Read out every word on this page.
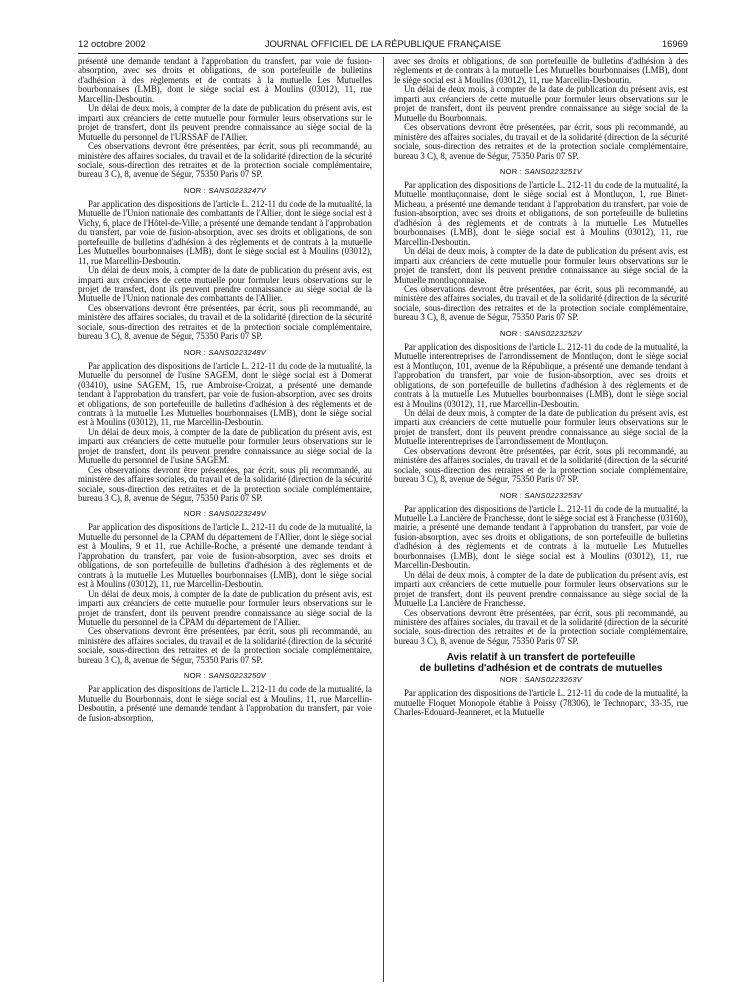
12 octobre 2002	JOURNAL OFFICIEL DE LA RÉPUBLIQUE FRANÇAISE	16969

présenté une demande tendant à l'approbation du transfert, par voie de fusion-absorption, avec ses droits et obligations, de son portefeuille de bulletins d'adhésion à des règlements et de contrats à la mutuelle Les Mutuelles bourbonnaises (LMB), dont le siège social est à Moulins (03012), 11, rue Marcellin-Desboutin.

Un délai de deux mois, à compter de la date de publication du présent avis, est imparti aux créanciers de cette mutuelle pour formuler leurs observations sur le projet de transfert, dont ils peuvent prendre connaissance au siège social de la Mutuelle du personnel de l'URSSAF de l'Allier.

Ces observations devront être présentées, par écrit, sous pli recommandé, au ministère des affaires sociales, du travail et de la solidarité (direction de la sécurité sociale, sous-direction des retraites et de la protection sociale complémentaire, bureau 3 C), 8, avenue de Ségur, 75350 Paris 07 SP.

NOR : SANS0223247V

Par application des dispositions de l'article L. 212-11 du code de la mutualité, la Mutuelle de l'Union nationale des combattants de l'Allier, dont le siège social est à Vichy, 6, place de l'Hôtel-de-Ville, a présenté une demande tendant à l'approbation du transfert, par voie de fusion-absorption, avec ses droits et obligations, de son portefeuille de bulletins d'adhésion à des règlements et de contrats à la mutuelle Les Mutuelles bourbonnaises (LMB), dont le siège social est à Moulins (03012), 11, rue Marcellin-Desboutin.

Un délai de deux mois, à compter de la date de publication du présent avis, est imparti aux créanciers de cette mutuelle pour formuler leurs observations sur le projet de transfert, dont ils peuvent prendre connaissance au siège social de la Mutuelle de l'Union nationale des combattants de l'Allier.

Ces observations devront être présentées, par écrit, sous pli recommandé, au ministère des affaires sociales, du travail et de la solidarité (direction de la sécurité sociale, sous-direction des retraites et de la protection sociale complémentaire, bureau 3 C), 8, avenue de Ségur, 75350 Paris 07 SP.

NOR : SANS0223248V

Par application des dispositions de l'article L. 212-11 du code de la mutualité, la Mutuelle du personnel de l'usine SAGEM, dont le siège social est à Domerat (03410), usine SAGEM, 15, rue Ambroise-Croizat, a présenté une demande tendant à l'approbation du transfert, par voie de fusion-absorption, avec ses droits et obligations, de son portefeuille de bulletins d'adhésion à des règlements et de contrats à la mutuelle Les Mutuelles bourbonnaises (LMB), dont le siège social est à Moulins (03012), 11, rue Marcellin-Desboutin.

Un délai de deux mois, à compter de la date de publication du présent avis, est imparti aux créanciers de cette mutuelle pour formuler leurs observations sur le projet de transfert, dont ils peuvent prendre connaissance au siège social de la Mutuelle du personnel de l'usine SAGEM.

Ces observations devront être présentées, par écrit, sous pli recommandé, au ministère des affaires sociales, du travail et de la solidarité (direction de la sécurité sociale, sous-direction des retraites et de la protection sociale complémentaire, bureau 3 C), 8, avenue de Ségur, 75350 Paris 07 SP.

NOR : SANS0223249V

Par application des dispositions de l'article L. 212-11 du code de la mutualité, la Mutuelle du personnel de la CPAM du département de l'Allier, dont le siège social est à Moulins, 9 et 11, rue Achille-Roche, a présenté une demande tendant à l'approbation du transfert, par voie de fusion-absorption, avec ses droits et obligations, de son portefeuille de bulletins d'adhésion à des règlements et de contrats à la mutuelle Les Mutuelles bourbonnaises (LMB), dont le siège social est à Moulins (03012), 11, rue Marcellin-Desboutin.

Un délai de deux mois, à compter de la date de publication du présent avis, est imparti aux créanciers de cette mutuelle pour formuler leurs observations sur le projet de transfert, dont ils peuvent prendre connaissance au siège social de la Mutuelle du personnel de la CPAM du département de l'Allier.

Ces observations devront être présentées, par écrit, sous pli recommandé, au ministère des affaires sociales, du travail et de la solidarité (direction de la sécurité sociale, sous-direction des retraites et de la protection sociale complémentaire, bureau 3 C), 8, avenue de Ségur, 75350 Paris 07 SP.

NOR : SANS0223250V

Par application des dispositions de l'article L. 212-11 du code de la mutualité, la Mutuelle du Bourbonnais, dont le siège social est à Moulins, 11, rue Marcellin-Desboutin, a présenté une demande tendant à l'approbation du transfert, par voie de fusion-absorption,

avec ses droits et obligations, de son portefeuille de bulletins d'adhésion à des règlements et de contrats à la mutuelle Les Mutuelles bourbonnaises (LMB), dont le siège social est à Moulins (03012), 11, rue Marcellin-Desboutin.

Un délai de deux mois, à compter de la date de publication du présent avis, est imparti aux créanciers de cette mutuelle pour formuler leurs observations sur le projet de transfert, dont ils peuvent prendre connaissance au siège social de la Mutuelle du Bourbonnais.

Ces observations devront être présentées, par écrit, sous pli recommandé, au ministère des affaires sociales, du travail et de la solidarité (direction de la sécurité sociale, sous-direction des retraites et de la protection sociale complémentaire, bureau 3 C), 8, avenue de Ségur, 75350 Paris 07 SP.

NOR : SANS0223251V

Par application des dispositions de l'article L. 212-11 du code de la mutualité, la Mutuelle montluçonnaise, dont le siège social est à Montluçon, 1, rue Binet-Micheau, a présenté une demande tendant à l'approbation du transfert, par voie de fusion-absorption, avec ses droits et obligations, de son portefeuille de bulletins d'adhésion à des règlements et de contrats à la mutuelle Les Mutuelles bourbonnaises (LMB), dont le siège social est à Moulins (03012), 11, rue Marcellin-Desboutin.

Un délai de deux mois, à compter de la date de publication du présent avis, est imparti aux créanciers de cette mutuelle pour formuler leurs observations sur le projet de transfert, dont ils peuvent prendre connaissance au siège social de la Mutuelle montluçonnaise.

Ces observations devront être présentées, par écrit, sous pli recommandé, au ministère des affaires sociales, du travail et de la solidarité (direction de la sécurité sociale, sous-direction des retraites et de la protection sociale complémentaire, bureau 3 C), 8, avenue de Ségur, 75350 Paris 07 SP.

NOR : SANS0223252V

Par application des dispositions de l'article L. 212-11 du code de la mutualité, la Mutuelle interentreprises de l'arrondissement de Montluçon, dont le siège social est à Montluçon, 101, avenue de la République, a présenté une demande tendant à l'approbation du transfert, par voie de fusion-absorption, avec ses droits et obligations, de son portefeuille de bulletins d'adhésion à des règlements et de contrats à la mutuelle Les Mutuelles bourbonnaises (LMB), dont le siège social est à Moulins (03012), 11, rue Marcellin-Desboutin.

Un délai de deux mois, à compter de la date de publication du présent avis, est imparti aux créanciers de cette mutuelle pour formuler leurs observations sur le projet de transfert, dont ils peuvent prendre connaissance au siège social de la Mutuelle interentreprises de l'arrondissement de Montluçon.

Ces observations devront être présentées, par écrit, sous pli recommandé, au ministère des affaires sociales, du travail et de la solidarité (direction de la sécurité sociale, sous-direction des retraites et de la protection sociale complémentaire, bureau 3 C), 8, avenue de Ségur, 75350 Paris 07 SP.

NOR : SANS0223253V

Par application des dispositions de l'article L. 212-11 du code de la mutualité, la Mutuelle La Lancière de Franchesse, dont le siège social est à Franchesse (03160), mairie, a présenté une demande tendant à l'approbation du transfert, par voie de fusion-absorption, avec ses droits et obligations, de son portefeuille de bulletins d'adhésion à des règlements et de contrats à la mutuelle Les Mutuelles bourbonnaises (LMB), dont le siège social est à Moulins (03012), 11, rue Marcellin-Desboutin.

Un délai de deux mois, à compter de la date de publication du présent avis, est imparti aux créanciers de cette mutuelle pour formuler leurs observations sur le projet de transfert, dont ils peuvent prendre connaissance au siège social de la Mutuelle La Lancière de Franchesse.

Ces observations devront être présentées, par écrit, sous pli recommandé, au ministère des affaires sociales, du travail et de la solidarité (direction de la sécurité sociale, sous-direction des retraites et de la protection sociale complémentaire, bureau 3 C), 8, avenue de Ségur, 75350 Paris 07 SP.

Avis relatif à un transfert de portefeuille
de bulletins d'adhésion et de contrats de mutuelles
NOR : SANS0223263V

Par application des dispositions de l'article L. 212-11 du code de la mutualité, la mutuelle Floquet Monopole établie à Poissy (78306), le Technoparc, 33-35, rue Charles-Edouard-Jeanneret, et la Mutuelle
